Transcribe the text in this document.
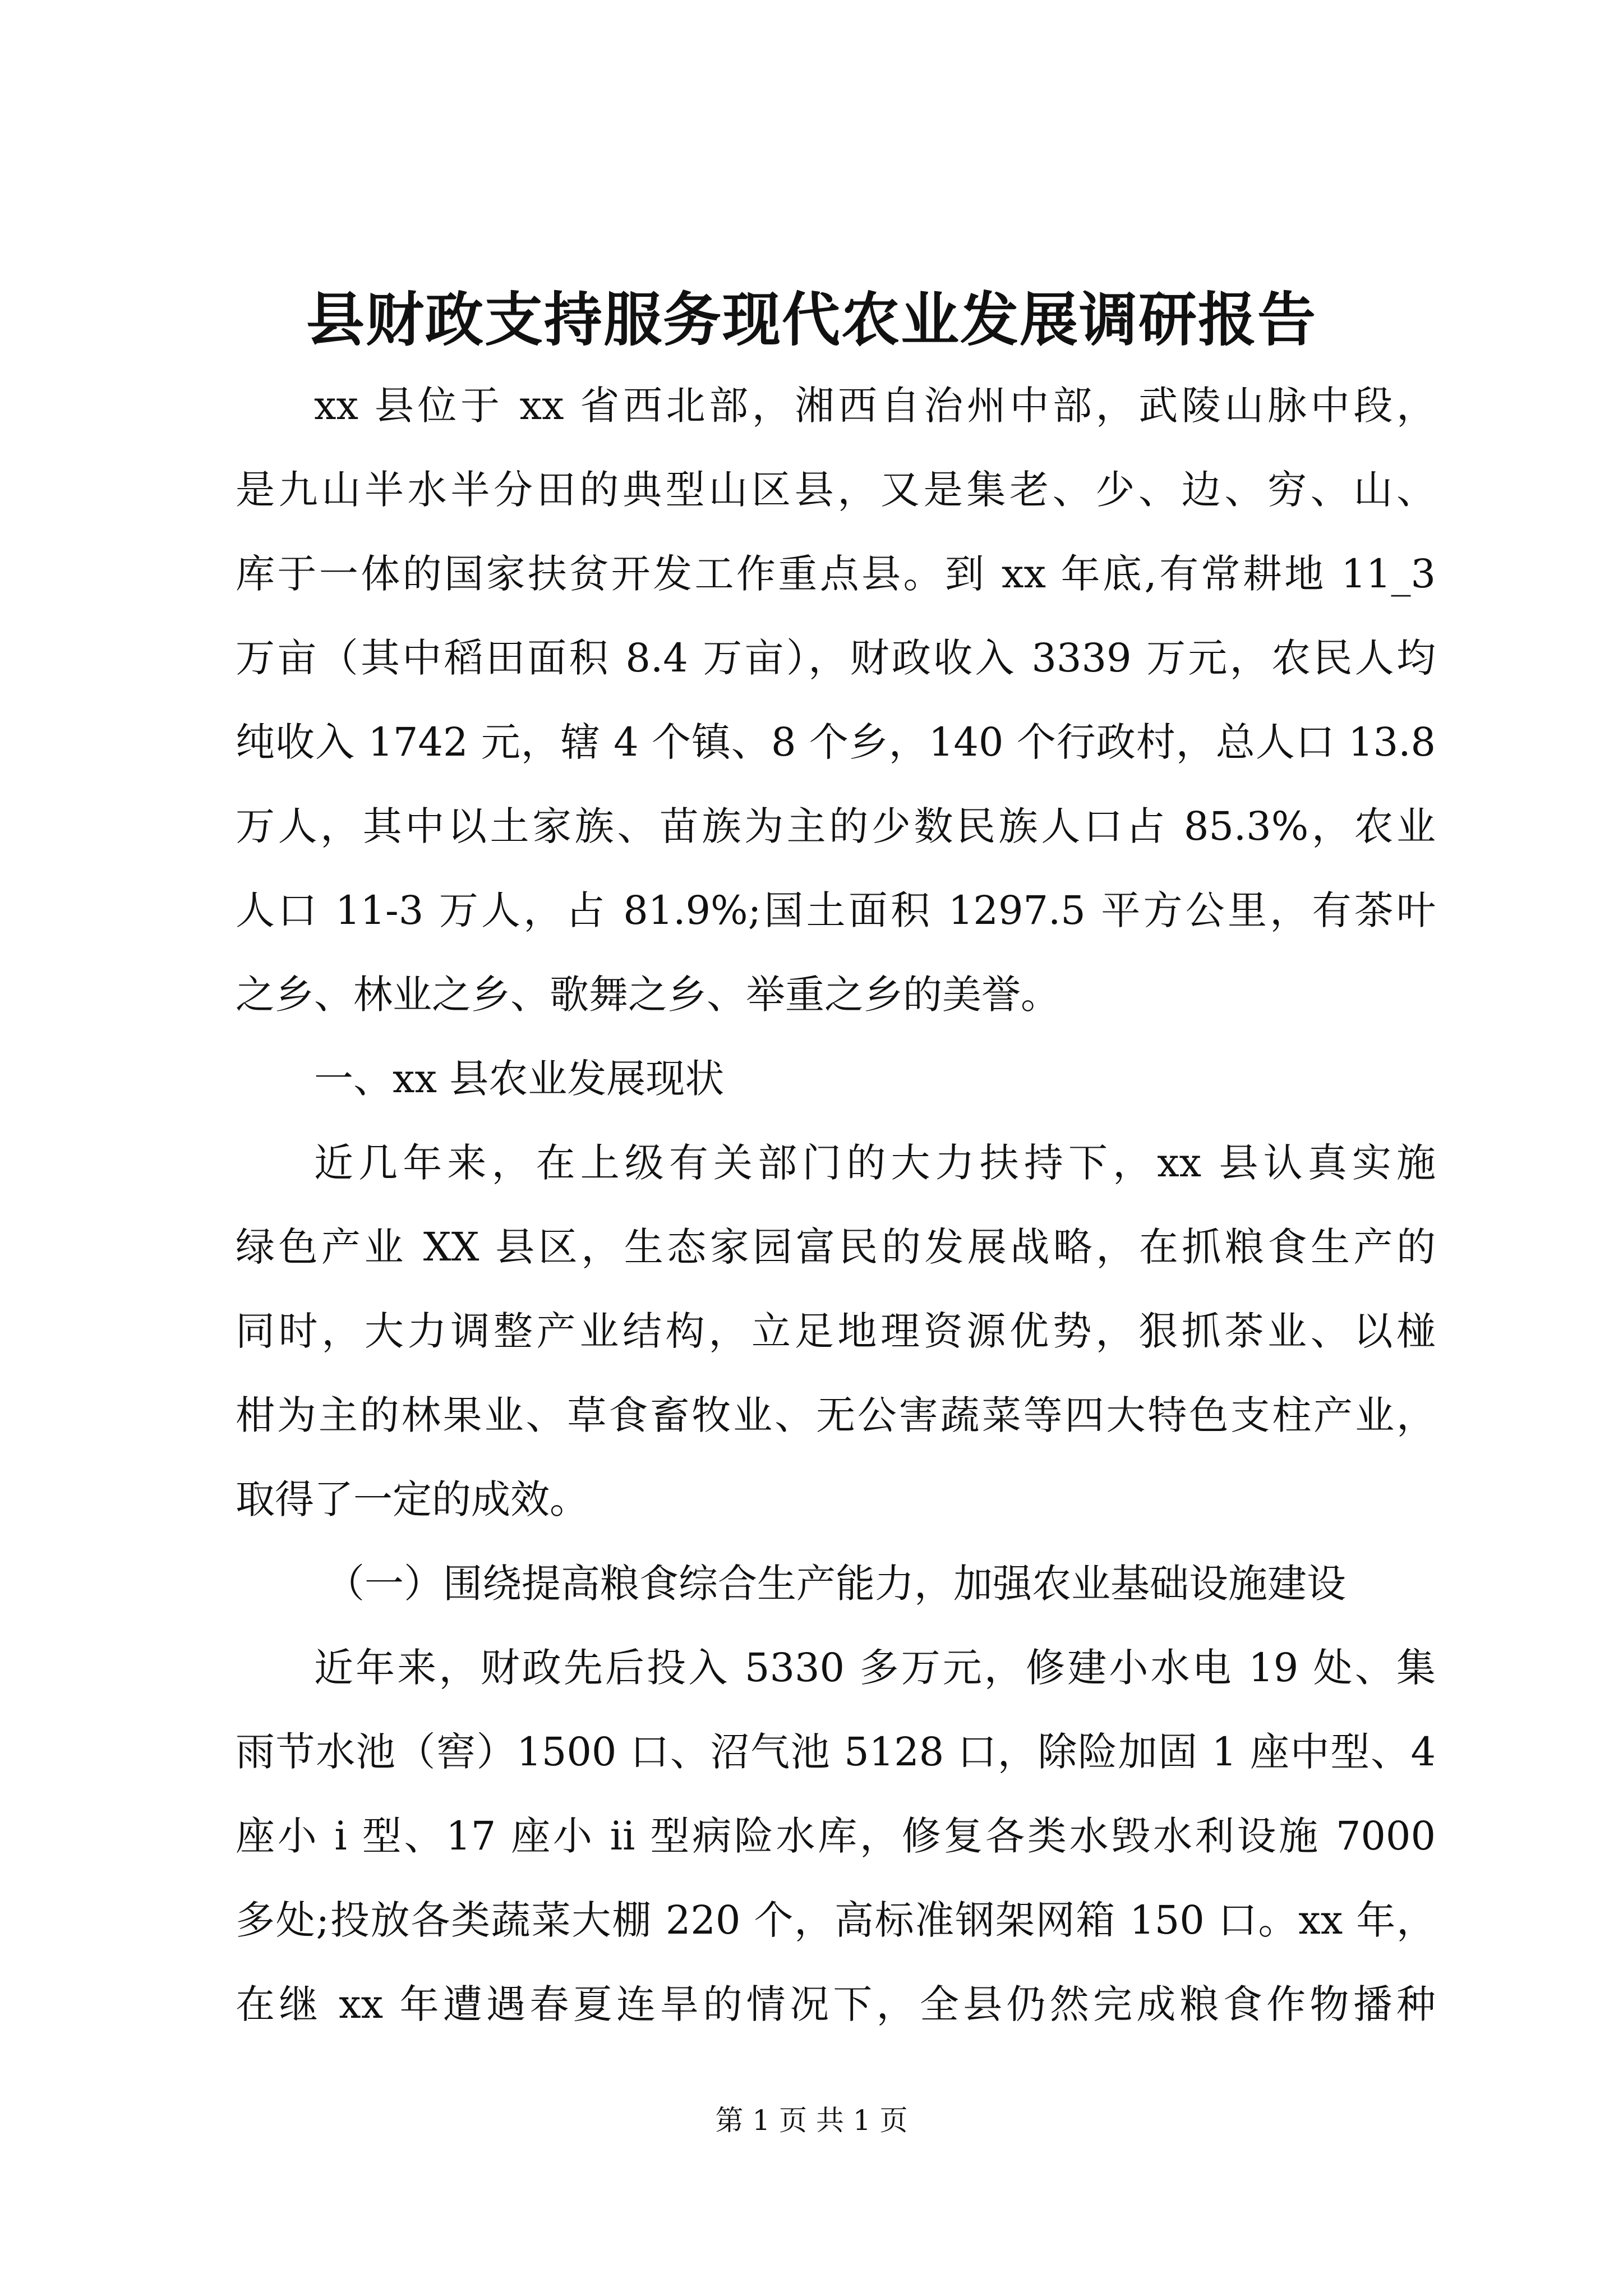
县财政支持服务现代农业发展调研报告
xx 县位于 xx 省西北部，湘西自治州中部，武陵山脉中段，
是九山半水半分田的典型山区县，又是集老、少、边、穷、山、
库于一体的国家扶贫开发工作重点县。到 xx 年底,有常耕地 11_3
万亩（其中稻田面积 8.4 万亩），财政收入 3339 万元，农民人均
纯收入 1742 元，辖 4 个镇、8 个乡，140 个行政村，总人口 13.8
万人，其中以土家族、苗族为主的少数民族人口占 85.3%，农业
人口 11-3 万人，占 81.9%;国土面积 1297.5 平方公里，有茶叶
之乡、林业之乡、歌舞之乡、举重之乡的美誉。
一、xx 县农业发展现状
近几年来，在上级有关部门的大力扶持下，xx 县认真实施
绿色产业 XX 县区，生态家园富民的发展战略，在抓粮食生产的
同时，大力调整产业结构，立足地理资源优势，狠抓茶业、以椪
柑为主的林果业、草食畜牧业、无公害蔬菜等四大特色支柱产业，
取得了一定的成效。
（一）围绕提高粮食综合生产能力，加强农业基础设施建设
近年来，财政先后投入 5330 多万元，修建小水电 19 处、集
雨节水池（窖）1500 口、沼气池 5128 口，除险加固 1 座中型、4
座小 i 型、17 座小 ii 型病险水库，修复各类水毁水利设施 7000
多处;投放各类蔬菜大棚 220 个，高标准钢架网箱 150 口。xx 年，
在继 xx 年遭遇春夏连旱的情况下，全县仍然完成粮食作物播种
第 1 页 共 1 页
